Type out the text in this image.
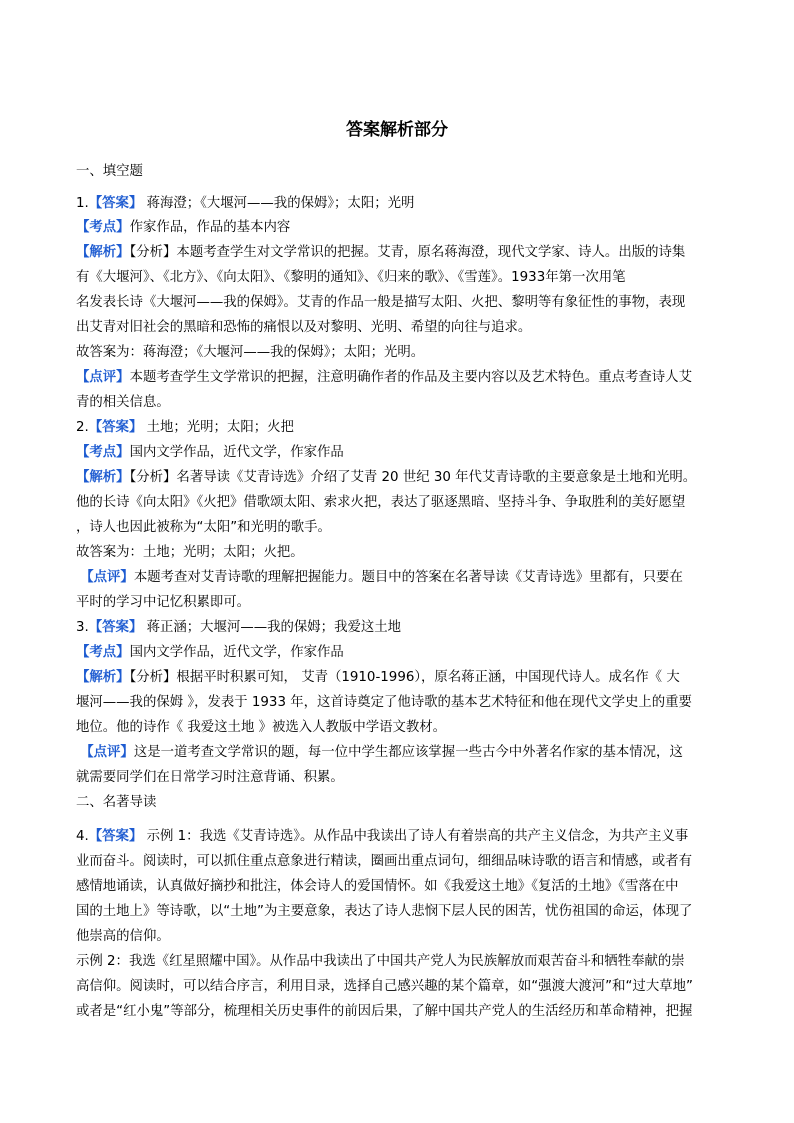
答案解析部分
一、填空题
1.【答案】 蒋海澄；《大堰河——我的保姆》；太阳；光明
【考点】作家作品，作品的基本内容
【解析】【分析】本题考查学生对文学常识的把握。艾青，原名蒋海澄，现代文学家、诗人。出版的诗集
有《大堰河》、《北方》、《向太阳》、《黎明的通知》、《归来的歌》、《雪莲》。1933年第一次用笔
名发表长诗《大堰河——我的保姆》。艾青的作品一般是描写太阳、火把、黎明等有象征性的事物，表现
出艾青对旧社会的黑暗和恐怖的痛恨以及对黎明、光明、希望的向往与追求。
故答案为：蒋海澄；《大堰河——我的保姆》；太阳；光明。
【点评】本题考查学生文学常识的把握，注意明确作者的作品及主要内容以及艺术特色。重点考查诗人艾
青的相关信息。
2.【答案】 土地；光明；太阳；火把
【考点】国内文学作品，近代文学，作家作品
【解析】【分析】名著导读《艾青诗选》介绍了艾青 20 世纪 30 年代艾青诗歌的主要意象是土地和光明。
他的长诗《向太阳》《火把》借歌颂太阳、索求火把，表达了驱逐黑暗、坚持斗争、争取胜利的美好愿望
，诗人也因此被称为“太阳”和光明的歌手。
故答案为：土地；光明；太阳；火把。
【点评】本题考查对艾青诗歌的理解把握能力。题目中的答案在名著导读《艾青诗选》里都有，只要在
平时的学习中记忆积累即可。
3.【答案】 蒋正涵；大堰河——我的保姆；我爱这土地
【考点】国内文学作品，近代文学，作家作品
【解析】【分析】根据平时积累可知， 艾青（1910-1996），原名蒋正涵，中国现代诗人。成名作《 大
堰河——我的保姆 》，发表于 1933 年，这首诗奠定了他诗歌的基本艺术特征和他在现代文学史上的重要
地位。他的诗作《 我爱这土地 》被选入人教版中学语文教材。
【点评】这是一道考查文学常识的题，每一位中学生都应该掌握一些古今中外著名作家的基本情况，这
就需要同学们在日常学习时注意背诵、积累。
二、名著导读
4.【答案】 示例 1：我选《艾青诗选》。从作品中我读出了诗人有着崇高的共产主义信念，为共产主义事
业而奋斗。阅读时，可以抓住重点意象进行精读，圈画出重点词句，细细品味诗歌的语言和情感，或者有
感情地诵读，认真做好摘抄和批注，体会诗人的爱国情怀。如《我爱这土地》《复活的土地》《雪落在中
国的土地上》等诗歌，以“土地”为主要意象，表达了诗人悲悯下层人民的困苦，忧伤祖国的命运，体现了
他崇高的信仰。
示例 2：我选《红星照耀中国》。从作品中我读出了中国共产党人为民族解放而艰苦奋斗和牺牲奉献的崇
高信仰。阅读时，可以结合序言，利用目录，选择自己感兴趣的某个篇章，如“强渡大渡河”和“过大草地”
或者是“红小鬼”等部分，梳理相关历史事件的前因后果，了解中国共产党人的生活经历和革命精神，把握
